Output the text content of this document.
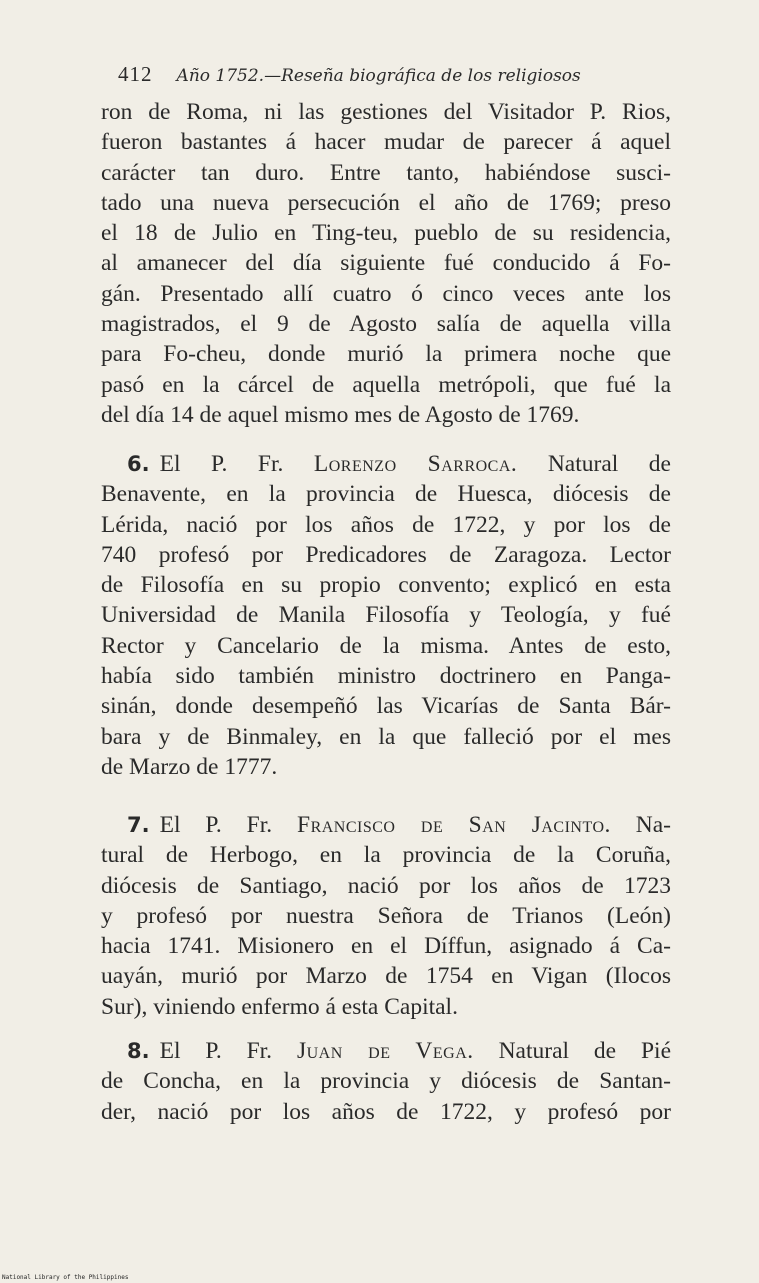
412 Año 1752.—Reseña biográfica de los religiosos
ron de Roma, ni las gestiones del Visitador P. Rios,
fueron bastantes á hacer mudar de parecer á aquel
carácter tan duro. Entre tanto, habiéndose susci-
tado una nueva persecución el año de 1769; preso
el 18 de Julio en Ting-teu, pueblo de su residencia,
al amanecer del día siguiente fué conducido á Fo-
gán. Presentado allí cuatro ó cinco veces ante los
magistrados, el 9 de Agosto salía de aquella villa
para Fo-cheu, donde murió la primera noche que
pasó en la cárcel de aquella metrópoli, que fué la
del día 14 de aquel mismo mes de Agosto de 1769.
6. El P. Fr. Lorenzo Sarroca. Natural de
Benavente, en la provincia de Huesca, diócesis de
Lérida, nació por los años de 1722, y por los de
740 profesó por Predicadores de Zaragoza. Lector
de Filosofía en su propio convento; explicó en esta
Universidad de Manila Filosofía y Teología, y fué
Rector y Cancelario de la misma. Antes de esto,
había sido también ministro doctrinero en Panga-
sinán, donde desempeñó las Vicarías de Santa Bár-
bara y de Binmaley, en la que falleció por el mes
de Marzo de 1777.
7. El P. Fr. Francisco de San Jacinto. Na-
tural de Herbogo, en la provincia de la Coruña,
diócesis de Santiago, nació por los años de 1723
y profesó por nuestra Señora de Trianos (León)
hacia 1741. Misionero en el Díffun, asignado á Ca-
uayán, murió por Marzo de 1754 en Vigan (Ilocos
Sur), viniendo enfermo á esta Capital.
8. El P. Fr. Juan de Vega. Natural de Pié
de Concha, en la provincia y diócesis de Santan-
der, nació por los años de 1722, y profesó por
National Library of the Philippines
